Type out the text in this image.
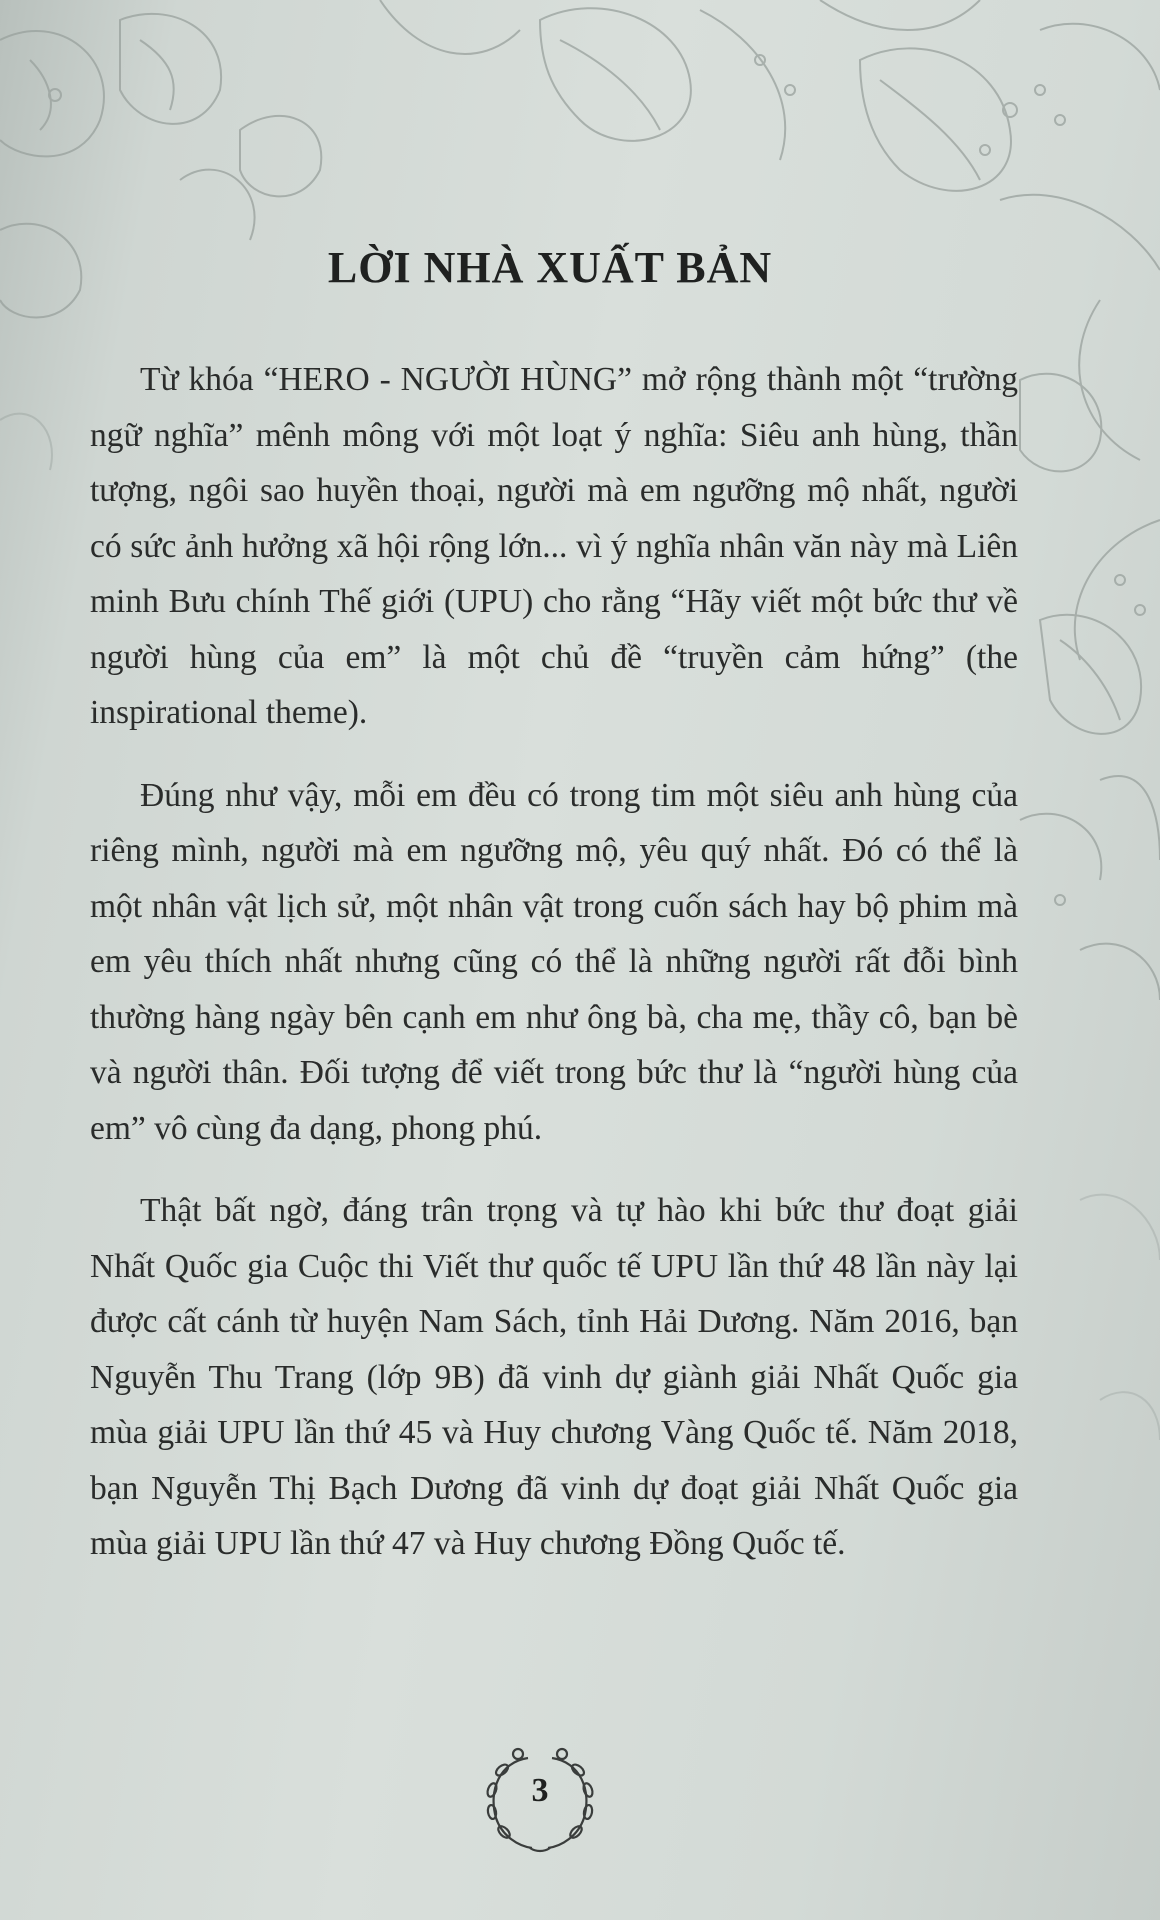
LỜI NHÀ XUẤT BẢN

Từ khóa “HERO - NGƯỜI HÙNG” mở rộng thành một “trường ngữ nghĩa” mênh mông với một loạt ý nghĩa: Siêu anh hùng, thần tượng, ngôi sao huyền thoại, người mà em ngưỡng mộ nhất, người có sức ảnh hưởng xã hội rộng lớn... vì ý nghĩa nhân văn này mà Liên minh Bưu chính Thế giới (UPU) cho rằng “Hãy viết một bức thư về người hùng của em” là một chủ đề “truyền cảm hứng” (the inspirational theme).

Đúng như vậy, mỗi em đều có trong tim một siêu anh hùng của riêng mình, người mà em ngưỡng mộ, yêu quý nhất. Đó có thể là một nhân vật lịch sử, một nhân vật trong cuốn sách hay bộ phim mà em yêu thích nhất nhưng cũng có thể là những người rất đỗi bình thường hàng ngày bên cạnh em như ông bà, cha mẹ, thầy cô, bạn bè và người thân. Đối tượng để viết trong bức thư là “người hùng của em” vô cùng đa dạng, phong phú.

Thật bất ngờ, đáng trân trọng và tự hào khi bức thư đoạt giải Nhất Quốc gia Cuộc thi Viết thư quốc tế UPU lần thứ 48 lần này lại được cất cánh từ huyện Nam Sách, tỉnh Hải Dương. Năm 2016, bạn Nguyễn Thu Trang (lớp 9B) đã vinh dự giành giải Nhất Quốc gia mùa giải UPU lần thứ 45 và Huy chương Vàng Quốc tế. Năm 2018, bạn Nguyễn Thị Bạch Dương đã vinh dự đoạt giải Nhất Quốc gia mùa giải UPU lần thứ 47 và Huy chương Đồng Quốc tế.

3
